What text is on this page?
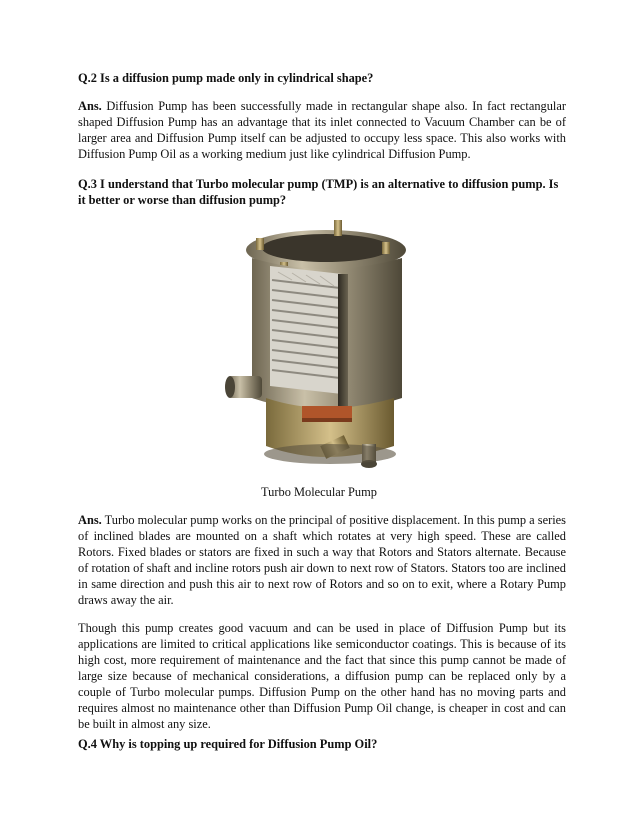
Q.2 Is a diffusion pump made only in cylindrical shape?
Ans. Diffusion Pump has been successfully made in rectangular shape also. In fact rectangular shaped Diffusion Pump has an advantage that its inlet connected to Vacuum Chamber can be of larger area and Diffusion Pump itself can be adjusted to occupy less space. This also works with Diffusion Pump Oil as a working medium just like cylindrical Diffusion Pump.
Q.3 I understand that Turbo molecular pump (TMP) is an alternative to diffusion pump. Is it better or worse than diffusion pump?
Turbo Molecular Pump
Ans. Turbo molecular pump works on the principal of positive displacement. In this pump a series of inclined blades are mounted on a shaft which rotates at very high speed. These are called Rotors. Fixed blades or stators are fixed in such a way that Rotors and Stators alternate. Because of rotation of shaft and incline rotors push air down to next row of Stators. Stators too are inclined in same direction and push this air to next row of Rotors and so on to exit, where a Rotary Pump draws away the air.
Though this pump creates good vacuum and can be used in place of Diffusion Pump but its applications are limited to critical applications like semiconductor coatings. This is because of its high cost, more requirement of maintenance and the fact that since this pump cannot be made of large size because of mechanical considerations, a diffusion pump can be replaced only by a couple of Turbo molecular pumps. Diffusion Pump on the other hand has no moving parts and requires almost no maintenance other than Diffusion Pump Oil change, is cheaper in cost and can be built in almost any size.
Q.4 Why is topping up required for Diffusion Pump Oil?
